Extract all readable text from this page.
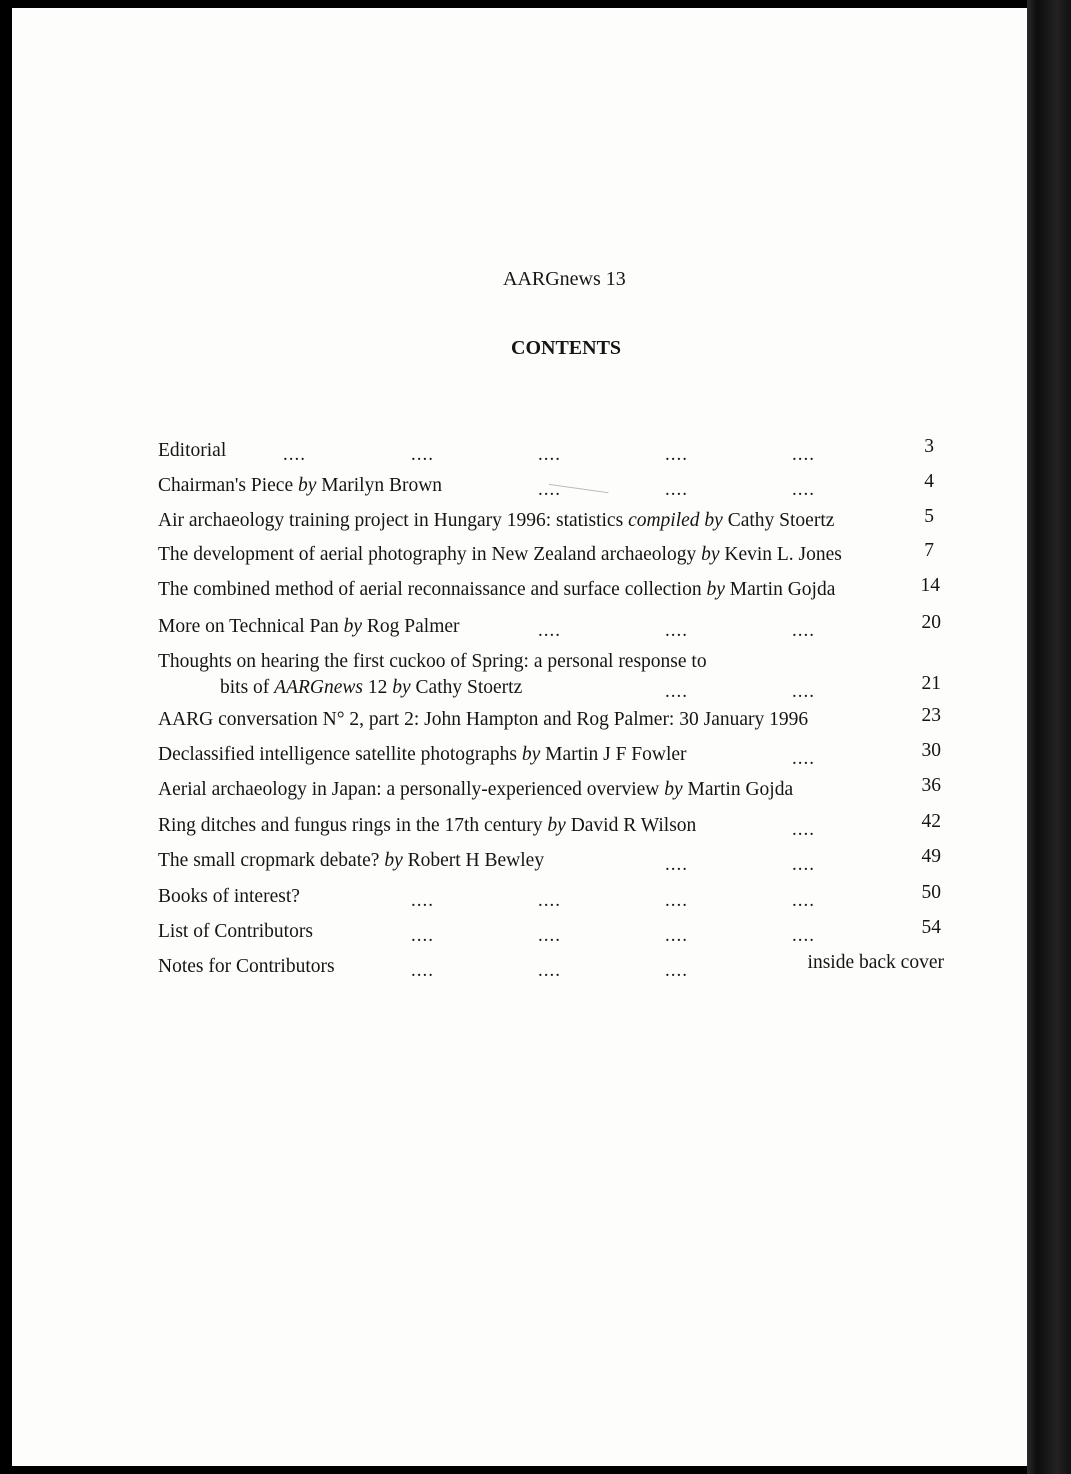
AARGnews 13
CONTENTS
Editorial	....	....	....	....	....	3
Chairman's Piece by Marilyn Brown	....	....	....	4
Air archaeology training project in Hungary 1996: statistics compiled by Cathy Stoertz	5
The development of aerial photography in New Zealand archaeology by Kevin L. Jones	7
The combined method of aerial reconnaissance and surface collection by Martin Gojda	14
More on Technical Pan by Rog Palmer	....	....	....	20
Thoughts on hearing the first cuckoo of Spring: a personal response to
bits of AARGnews 12 by Cathy Stoertz	....	....	21
AARG conversation N° 2, part 2: John Hampton and Rog Palmer: 30 January 1996	23
Declassified intelligence satellite photographs by Martin J F Fowler	....	30
Aerial archaeology in Japan: a personally-experienced overview by Martin Gojda	36
Ring ditches and fungus rings in the 17th century by David R Wilson	....	42
The small cropmark debate? by Robert H Bewley	....	....	49
Books of interest?	....	....	....	....	50
List of Contributors	....	....	....	....	54
Notes for Contributors	....	....	....	inside back cover
